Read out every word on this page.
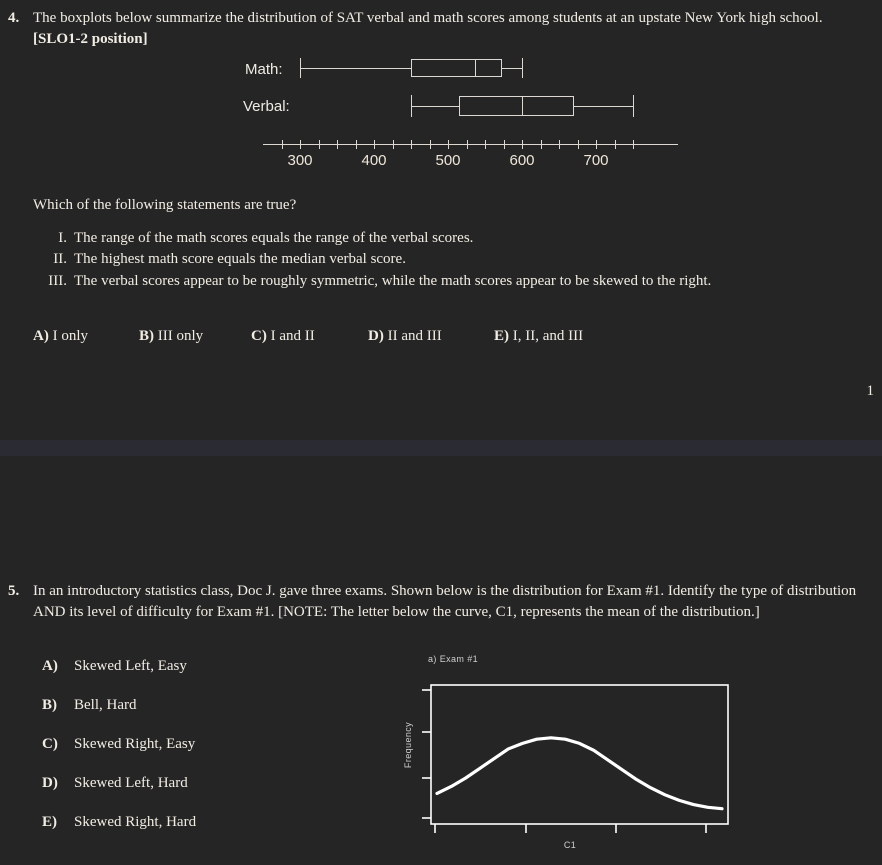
4. The boxplots below summarize the distribution of SAT verbal and math scores among students at an upstate New York high school. [SLO1-2 position]
Math:
Verbal:
300	400	500	600	700
Which of the following statements are true?
I. The range of the math scores equals the range of the verbal scores.
II. The highest math score equals the median verbal score.
III. The verbal scores appear to be roughly symmetric, while the math scores appear to be skewed to the right.
A) I only	B) III only	C) I and II	D) II and III	E) I, II, and III
1
5. In an introductory statistics class, Doc J. gave three exams. Shown below is the distribution for Exam #1. Identify the type of distribution AND its level of difficulty for Exam #1. [NOTE: The letter below the curve, C1, represents the mean of the distribution.]
A)	Skewed Left, Easy
B)	Bell, Hard
C)	Skewed Right, Easy
D)	Skewed Left, Hard
E)	Skewed Right, Hard
a) Exam #1
Frequency
C1
